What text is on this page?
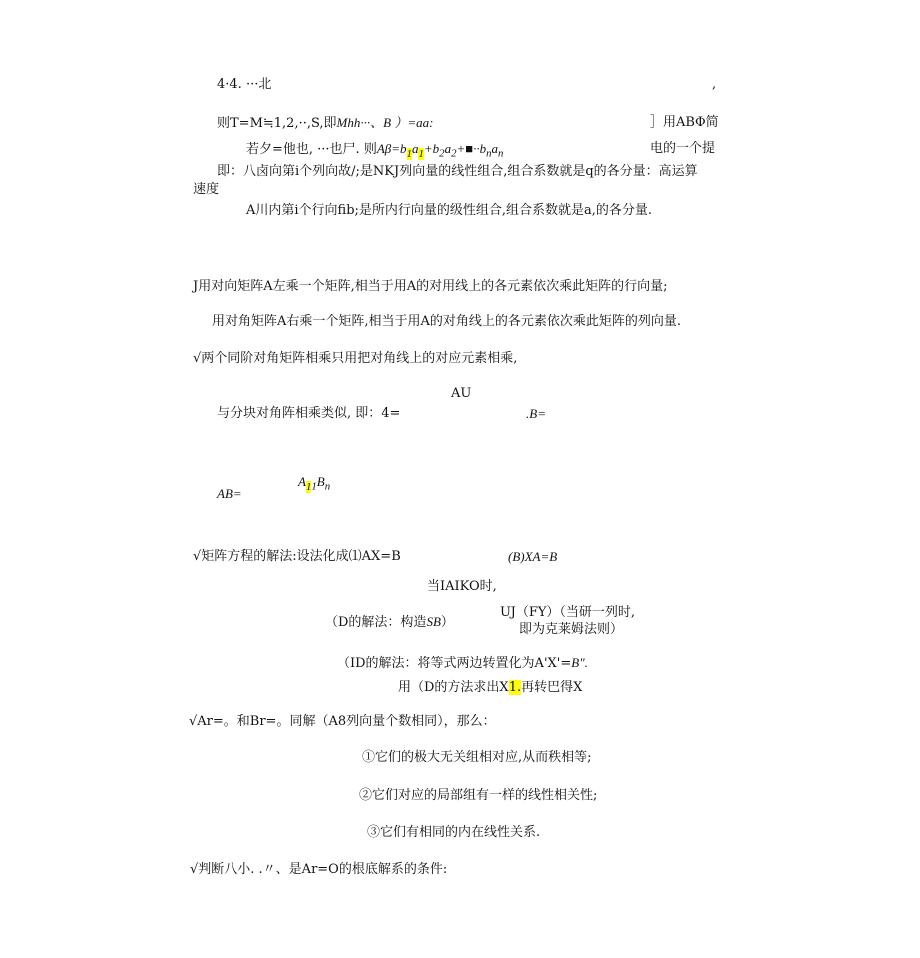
4·4. ···北	,
则T=M≒1,2,··,S,即Mhh···、B ）=aa:	］用ABΦ简
若夕=他也, ···也尸. 则$A\beta=b_1a_1+b_2a_2+■\cdot\cdot b_na_n$	电的一个提
即：八卤向第i个列向故/;是NKJ列向量的线性组合,组合系数就是q的各分量：高运算
速度
A川内第i个行向fib;是所内行向量的级性组合,组合系数就是a,的各分量.
J用对向矩阵A左乘一个矩阵,相当于用A的对用线上的各元素依次乘此矩阵的行向量;
用对角矩阵A右乘一个矩阵,相当于用A的对角线上的各元素依次乘此矩阵的列向量.
√两个同阶对角矩阵相乘只用把对角线上的对应元素相乘,
AU
与分块对角阵相乘类似, 即：4=	.B=
$A_{11}B_n$
AB=
√矩阵方程的解法:设法化成⑴AX=B	(B)XA=B
当IAIKO时,
UJ（FY）（当研一列时,
（D的解法：构造SB）	即为克莱姆法则）
（ID的解法：将等式两边转置化为A'X'=B".
用（D的方法求出X1.再转巴得X
√Ar=。和Br=。同解（A8列向量个数相同），那么：
①它们的极大无关组相对应,从而秩相等;
②它们对应的局部组有一样的线性相关性;
③它们有相同的内在线性关系.
√判断八小. .〃、是Ar=O的根底解系的条件:
